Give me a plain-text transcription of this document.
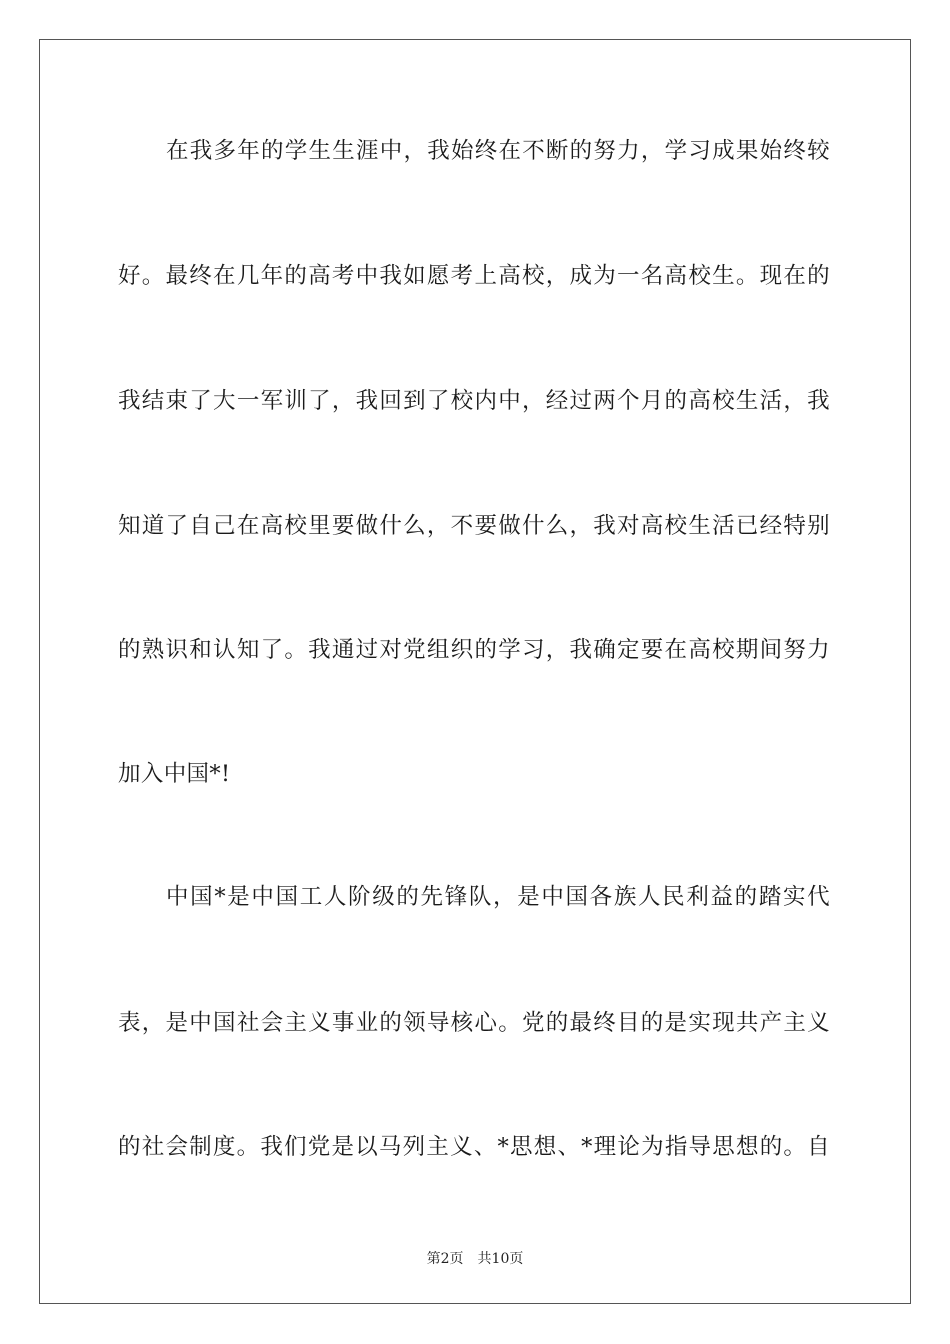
在我多年的学生生涯中，我始终在不断的努力，学习成果始终较

好。最终在几年的高考中我如愿考上高校，成为一名高校生。现在的

我结束了大一军训了，我回到了校内中，经过两个月的高校生活，我

知道了自己在高校里要做什么，不要做什么，我对高校生活已经特别

的熟识和认知了。我通过对党组织的学习，我确定要在高校期间努力

加入中国*!

中国*是中国工人阶级的先锋队，是中国各族人民利益的踏实代

表，是中国社会主义事业的领导核心。党的最终目的是实现共产主义

的社会制度。我们党是以马列主义、*思想、*理论为指导思想的。自

第2页 共10页
